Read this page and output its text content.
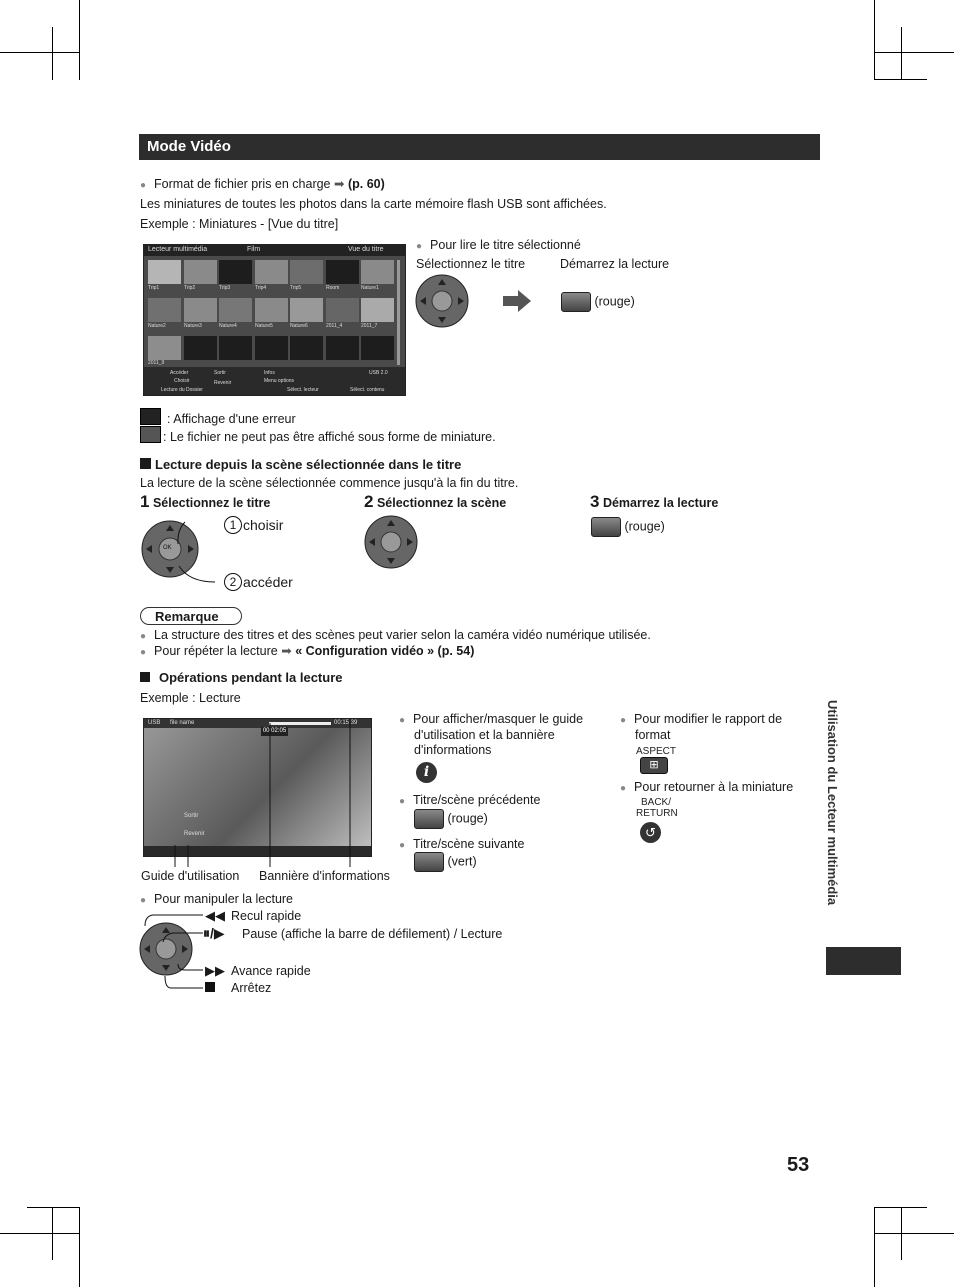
Mode Vidéo
● Format de fichier pris en charge ➡ (p. 60)
Les miniatures de toutes les photos dans la carte mémoire flash USB sont affichées.
Exemple : Miniatures - [Vue du titre]
Lecteur multimédia	Film	Vue du titre
Trip1	Trip2	Trip3	Trip4	Trip5	Room	Nature1
Nature2	Nature3	Nature4	Nature5	Nature6	2011_4	2011_7
2011_9
Accéder
Choisir
Sortir
Revenir
Infos
Menu options
USB 2.0
Lecture du Dossier	Sélect. lecteur	Sélect. contenu
● Pour lire le titre sélectionné
Sélectionnez le titre	Démarrez la lecture
(rouge)
: Affichage d'une erreur
: Le fichier ne peut pas être affiché sous forme de miniature.
Lecture depuis la scène sélectionnée dans le titre
La lecture de la scène sélectionnée commence jusqu'à la fin du titre.
1 Sélectionnez le titre	2 Sélectionnez la scène	3 Démarrez la lecture
OK
1 choisir
2 accéder
(rouge)
Remarque
● La structure des titres et des scènes peut varier selon la caméra vidéo numérique utilisée.
● Pour répéter la lecture ➡ « Configuration vidéo » (p. 54)
Opérations pendant la lecture
Exemple : Lecture
USB file name	00:15:39
00:02:05
Sortir
Revenir
Guide d'utilisation Bannière d'informations
● Pour afficher/masquer le guide
d'utilisation et la bannière
d'informations
i
● Titre/scène précédente
(rouge)
● Titre/scène suivante
(vert)
● Pour modifier le rapport de
format
ASPECT
⊞
● Pour retourner à la miniature
BACK/
RETURN
↺
● Pour manipuler la lecture
◀◀ Recul rapide
⏸/▶ Pause (affiche la barre de défilement) / Lecture
▶▶ Avance rapide
Arrêtez
Utilisation du Lecteur multimédia
53
